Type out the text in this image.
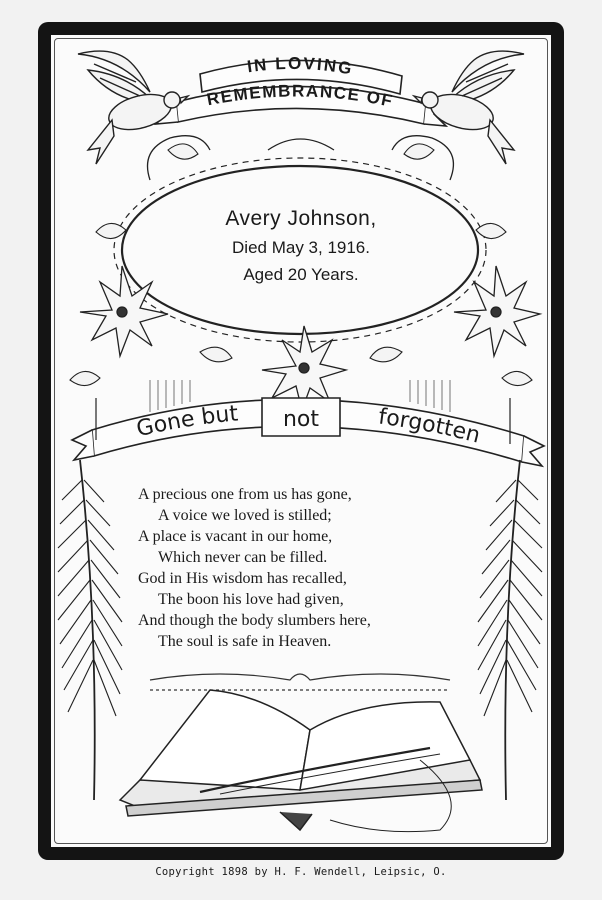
IN LOVING
REMEMBRANCE OF
Gone but not	forgotten

Avery Johnson,

Died May 3, 1916.

Aged 20 Years.

A precious one from us has gone,
A voice we loved is stilled;
A place is vacant in our home,
Which never can be filled.
God in His wisdom has recalled,
The boon his love had given,
And though the body slumbers here,
The soul is safe in Heaven.

Copyright 1898 by H. F. Wendell, Leipsic, O.
